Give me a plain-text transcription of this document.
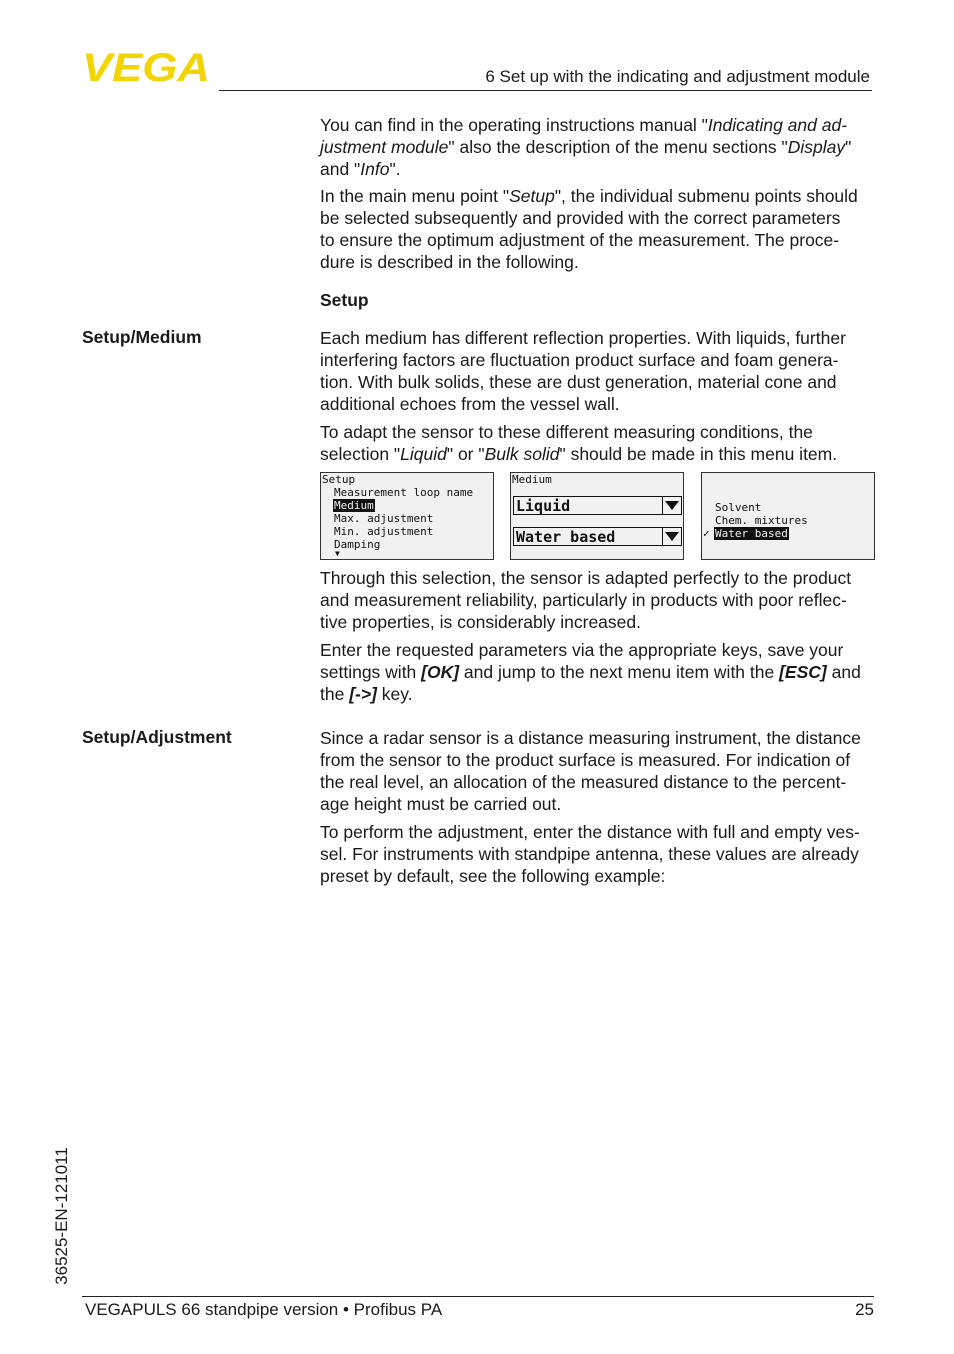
VEGA	6 Set up with the indicating and adjustment module
You can find in the operating instructions manual "Indicating and ad-
justment module" also the description of the menu sections "Display"
and "Info".
In the main menu point "Setup", the individual submenu points should
be selected subsequently and provided with the correct parameters
to ensure the optimum adjustment of the measurement. The proce-
dure is described in the following.
Setup
Setup/Medium	Each medium has different reflection properties. With liquids, further
interfering factors are fluctuation product surface and foam genera-
tion. With bulk solids, these are dust generation, material cone and
additional echoes from the vessel wall.
To adapt the sensor to these different measuring conditions, the
selection "Liquid" or "Bulk solid" should be made in this menu item.
Setup
Measurement loop name
Medium
Max. adjustment
Min. adjustment
Damping
▼
Medium
Liquid
Water based
Solvent
Chem. mixtures
✓ Water based
Through this selection, the sensor is adapted perfectly to the product
and measurement reliability, particularly in products with poor reflec-
tive properties, is considerably increased.
Enter the requested parameters via the appropriate keys, save your
settings with [OK] and jump to the next menu item with the [ESC] and
the [->] key.
Setup/Adjustment	Since a radar sensor is a distance measuring instrument, the distance
from the sensor to the product surface is measured. For indication of
the real level, an allocation of the measured distance to the percent-
age height must be carried out.
To perform the adjustment, enter the distance with full and empty ves-
sel. For instruments with standpipe antenna, these values are already
preset by default, see the following example:
36525-EN-121011
VEGAPULS 66 standpipe version • Profibus PA	25
